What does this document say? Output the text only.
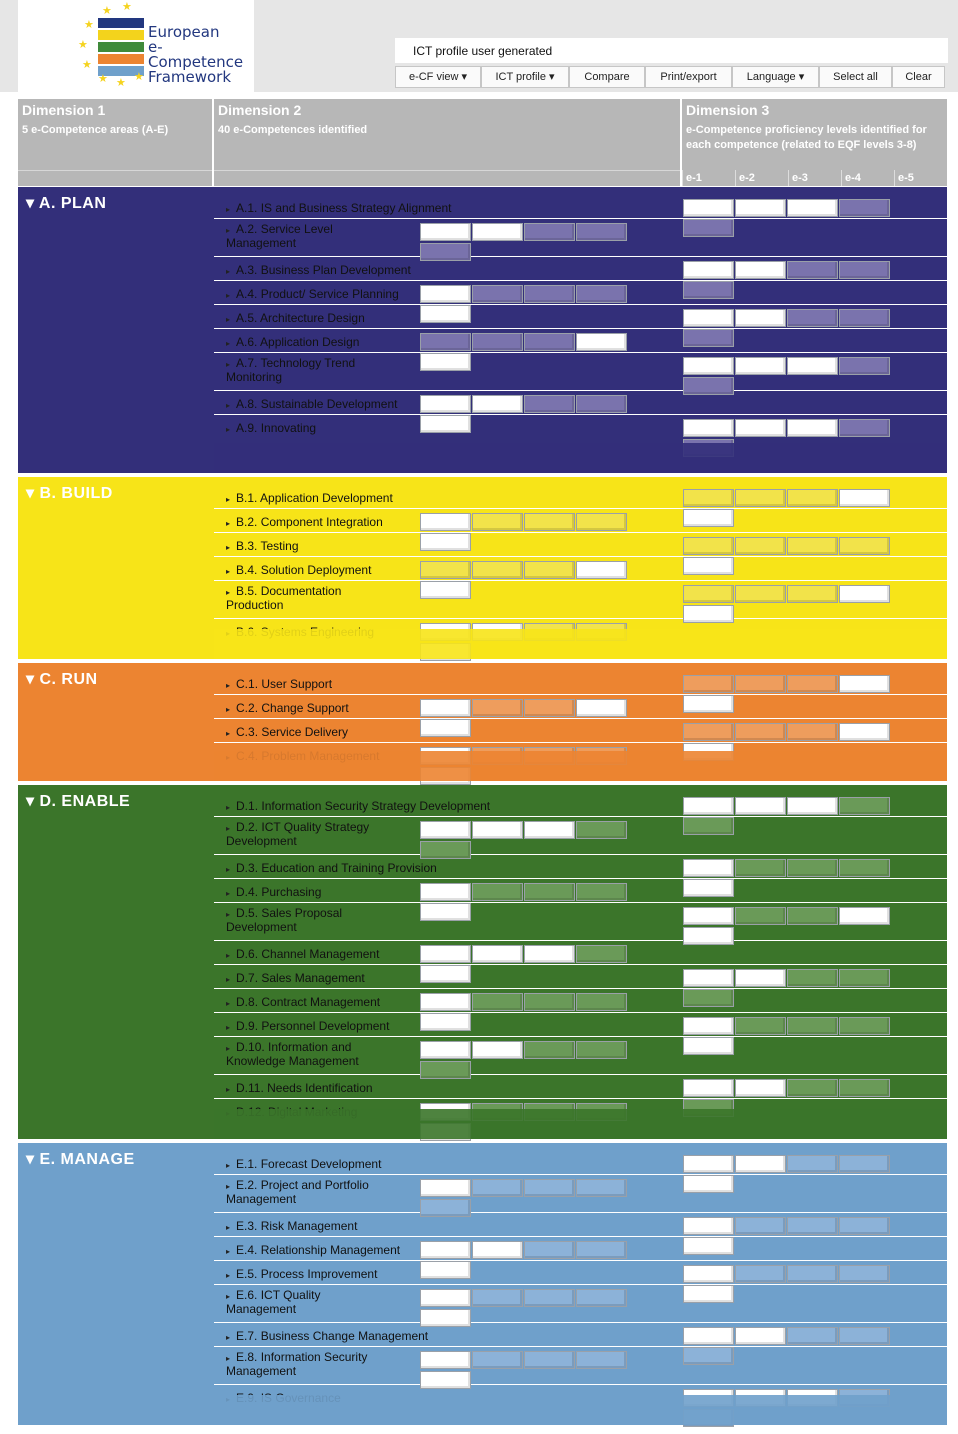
★
★ ★
★
★
★ ★ ★
European
e-Competence
Framework
ICT profile user generated
e-CF view ▾	ICT profile ▾	Compare	Print/export	Language ▾	Select all	Clear
Dimension 1
5 e-Competence areas (A-E)
Dimension 2
40 e-Competences identified
Dimension 3
e-Competence proficiency levels identified for
each competence (related to EQF levels 3-8)
e-1	e-2	e-3	e-4	e-5
▾ A. PLAN	▸ A.1. IS and Business Strategy Alignment
▸ A.2. Service Level
Management
▸ A.3. Business Plan Development
▸ A.4. Product/ Service Planning
▸ A.5. Architecture Design
▸ A.6. Application Design
▸ A.7. Technology Trend
Monitoring
▸ A.8. Sustainable Development
▸ A.9. Innovating
▾ B. BUILD	▸ B.1. Application Development
▸ B.2. Component Integration
▸ B.3. Testing
▸ B.4. Solution Deployment
▸ B.5. Documentation
Production
▾ C. RUN	▸ C.1. User Support
▸ C.2. Change Support
▸ C.3. Service Delivery
▾ D. ENABLE	▸ D.1. Information Security Strategy Development
▸ D.2. ICT Quality Strategy
Development
▸ D.3. Education and Training Provision
▸ D.4. Purchasing
▸ D.5. Sales Proposal
Development
▸ D.6. Channel Management
▸ D.7. Sales Management
▸ D.8. Contract Management
▸ D.9. Personnel Development
▸ D.10. Information and
Knowledge Management
▸ D.11. Needs Identification
▾ E. MANAGE	▸ E.1. Forecast Development
▸ E.2. Project and Portfolio
Management
▸ E.3. Risk Management
▸ E.4. Relationship Management
▸ E.5. Process Improvement
▸ E.6. ICT Quality
Management
▸ E.7. Business Change Management
▸ E.8. Information Security
Management
